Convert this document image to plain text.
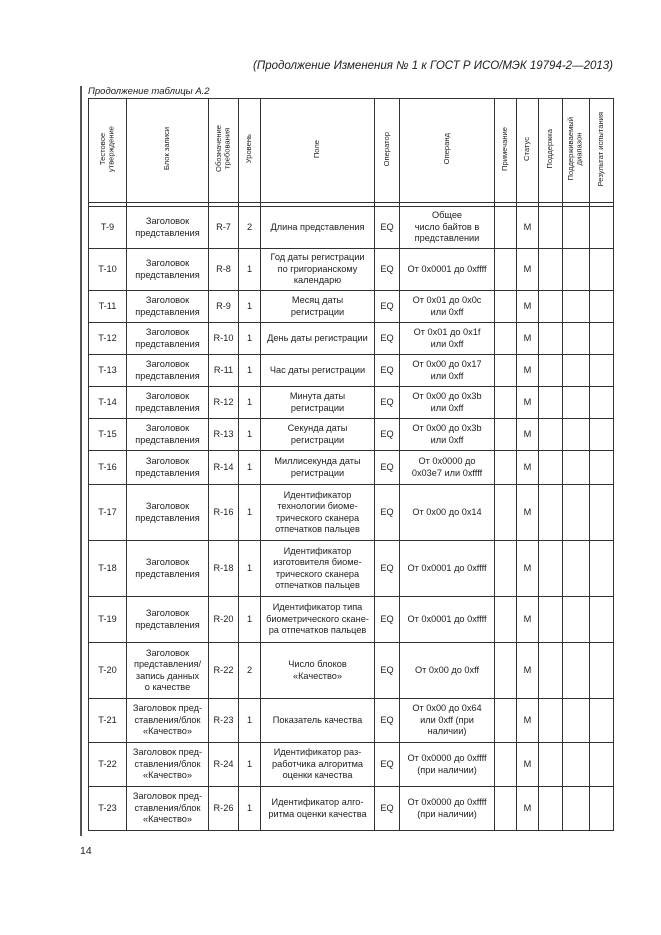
(Продолжение Изменения № 1 к ГОСТ Р ИСО/МЭК 19794-2—2013)
Продолжение таблицы А.2
Тестовое
утверждение	Блок записи	Обозначение
требования	Уровень	Поле	Оператор	Операнд	Примечание	Статус	Поддержка	Поддерживаемый
диапазон	Результат испытания

T-9	Заголовок
представления	R-7	2	Длина представления	EQ	Общее
число байтов в
представлении		M			
T-10	Заголовок
представления	R-8	1	Год даты регистрации
по григорианскому
календарю	EQ	От 0x0001 до 0xffff		M			
T-11	Заголовок
представления	R-9	1	Месяц даты
регистрации	EQ	От 0x01 до 0x0c
или 0xff		M			
T-12	Заголовок
представления	R-10	1	День даты регистрации	EQ	От 0x01 до 0x1f
или 0xff		M			
T-13	Заголовок
представления	R-11	1	Час даты регистрации	EQ	От 0x00 до 0x17
или 0xff		M			
T-14	Заголовок
представления	R-12	1	Минута даты
регистрации	EQ	От 0x00 до 0x3b
или 0xff		M			
T-15	Заголовок
представления	R-13	1	Секунда даты
регистрации	EQ	От 0x00 до 0x3b
или 0xff		M			
T-16	Заголовок
представления	R-14	1	Миллисекунда даты
регистрации	EQ	От 0x0000 до
0x03e7 или 0xffff		M			
T-17	Заголовок
представления	R-16	1	Идентификатор
технологии биоме-
трического сканера
отпечатков пальцев	EQ	От 0x00 до 0x14		M			
T-18	Заголовок
представления	R-18	1	Идентификатор
изготовителя биоме-
трического сканера
отпечатков пальцев	EQ	От 0x0001 до 0xffff		M			
T-19	Заголовок
представления	R-20	1	Идентификатор типа
биометрического скане-
ра отпечатков пальцев	EQ	От 0x0001 до 0xffff		M			
T-20	Заголовок
представления/
запись данных
о качестве	R-22	2	Число блоков
«Качество»	EQ	От 0x00 до 0xff		M			
T-21	Заголовок пред-
ставления/блок
«Качество»	R-23	1	Показатель качества	EQ	От 0x00 до 0x64
или 0xff (при
наличии)		M			
T-22	Заголовок пред-
ставления/блок
«Качество»	R-24	1	Идентификатор раз-
работчика алгоритма
оценки качества	EQ	От 0x0000 до 0xffff
(при наличии)		M			
T-23	Заголовок пред-
ставления/блок
«Качество»	R-26	1	Идентификатор алго-
ритма оценки качества	EQ	От 0x0000 до 0xffff
(при наличии)		M			
14
